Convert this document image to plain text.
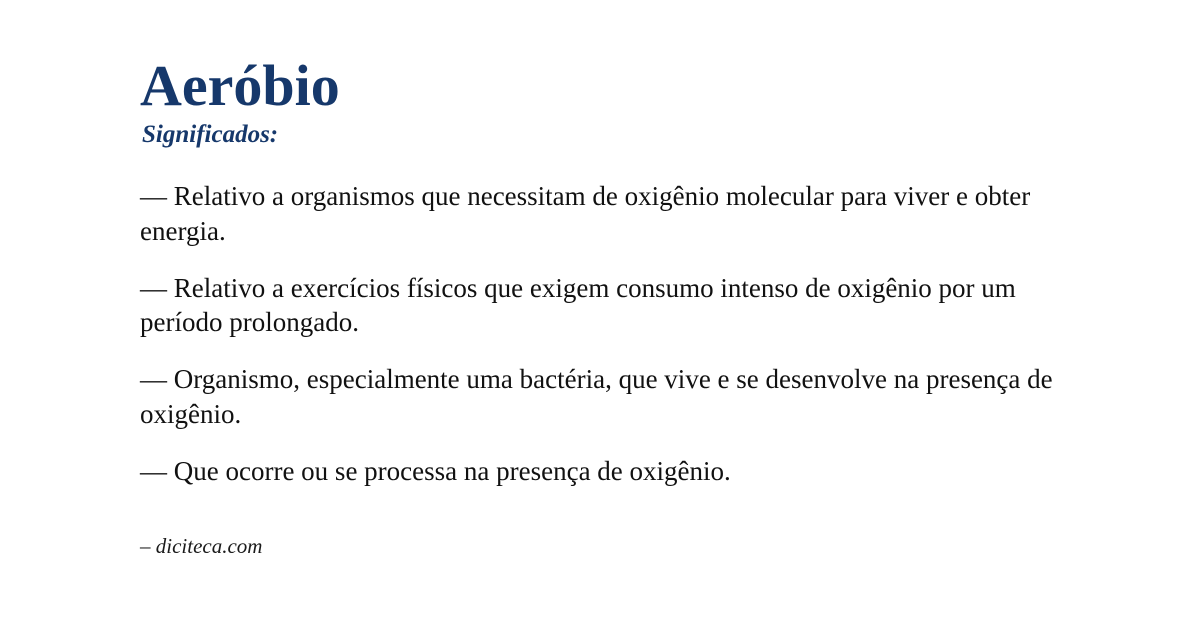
Aeróbio
Significados:

— Relativo a organismos que necessitam de oxigênio molecular para viver e obter energia.

— Relativo a exercícios físicos que exigem consumo intenso de oxigênio por um período prolongado.

— Organismo, especialmente uma bactéria, que vive e se desenvolve na presença de oxigênio.

— Que ocorre ou se processa na presença de oxigênio.

– diciteca.com
